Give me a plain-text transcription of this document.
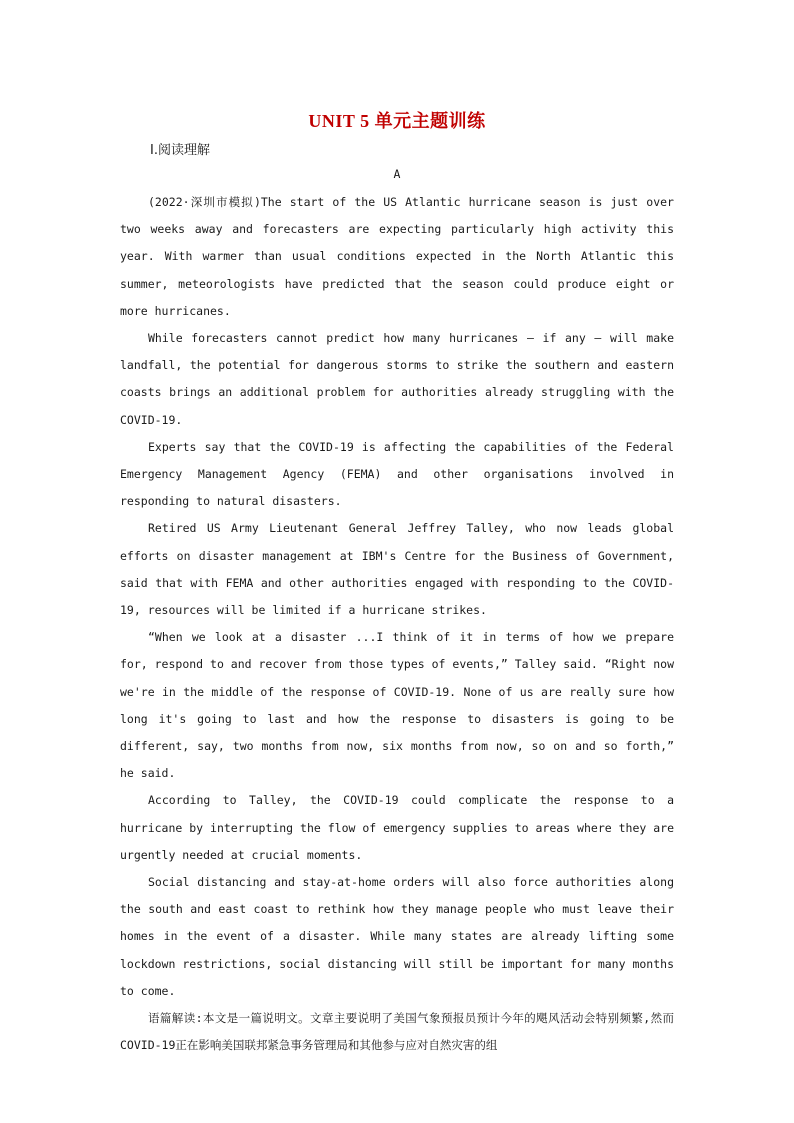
UNIT 5 单元主题训练
Ⅰ.阅读理解
A

(2022·深圳市模拟)The start of the US Atlantic hurricane season is just over two weeks away and forecasters are expecting particularly high activity this year. With warmer than usual conditions expected in the North Atlantic this summer, meteorologists have predicted that the season could produce eight or more hurricanes.

While forecasters cannot predict how many hurricanes — if any — will make landfall, the potential for dangerous storms to strike the southern and eastern coasts brings an additional problem for authorities already struggling with the COVID-19.

Experts say that the COVID-19 is affecting the capabilities of the Federal Emergency Management Agency (FEMA) and other organisations involved in responding to natural disasters.

Retired US Army Lieutenant General Jeffrey Talley, who now leads global efforts on disaster management at IBM's Centre for the Business of Government, said that with FEMA and other authorities engaged with responding to the COVID-19, resources will be limited if a hurricane strikes.

“When we look at a disaster ...I think of it in terms of how we prepare for, respond to and recover from those types of events,” Talley said. “Right now we're in the middle of the response of COVID-19. None of us are really sure how long it's going to last and how the response to disasters is going to be different, say, two months from now, six months from now, so on and so forth,” he said.

According to Talley, the COVID-19 could complicate the response to a hurricane by interrupting the flow of emergency supplies to areas where they are urgently needed at crucial moments.

Social distancing and stay-at-home orders will also force authorities along the south and east coast to rethink how they manage people who must leave their homes in the event of a disaster. While many states are already lifting some lockdown restrictions, social distancing will still be important for many months to come.

语篇解读:本文是一篇说明文。文章主要说明了美国气象预报员预计今年的飓风活动会特别频繁,然而COVID-19正在影响美国联邦紧急事务管理局和其他参与应对自然灾害的组
